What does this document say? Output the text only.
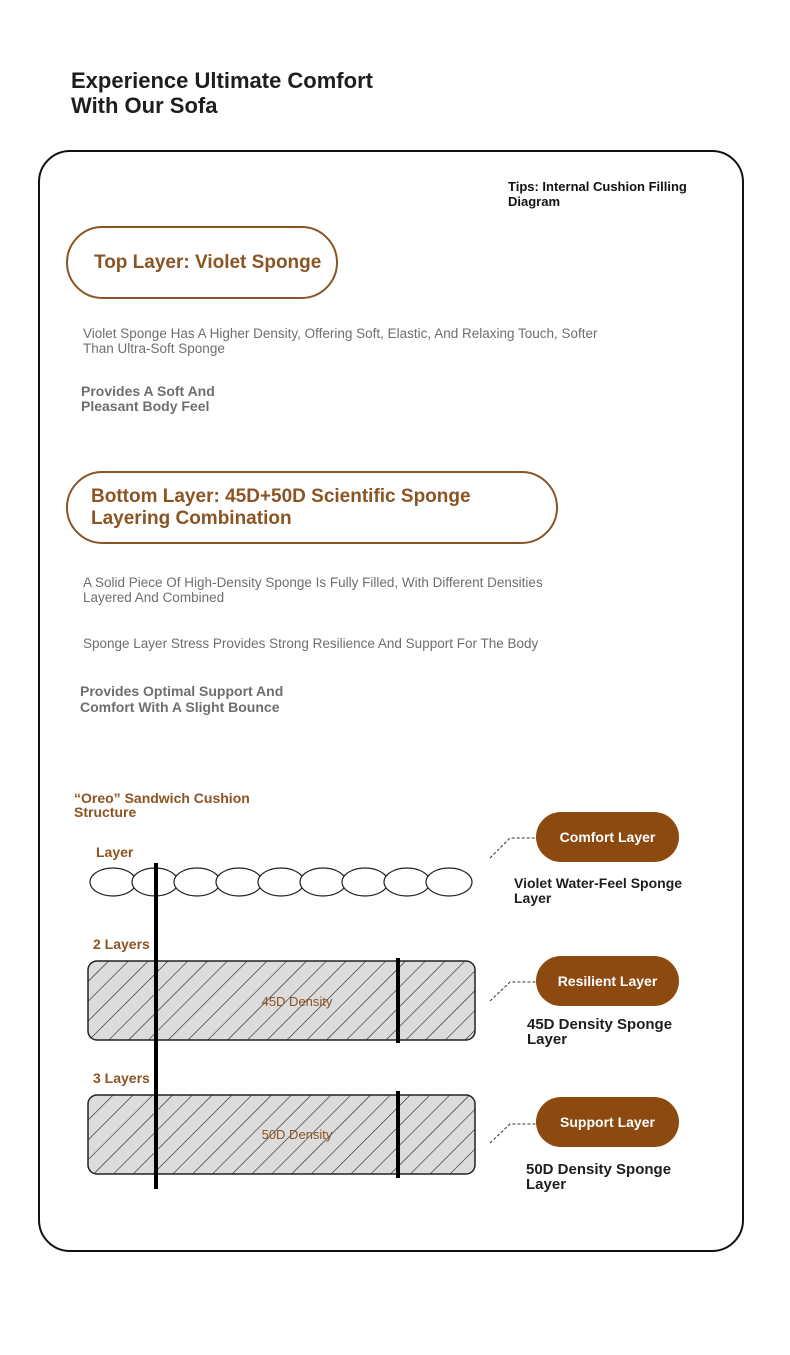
Experience Ultimate Comfort
With Our Sofa
Tips: Internal Cushion Filling Diagram
Top Layer: Violet Sponge
Violet Sponge Has A Higher Density, Offering Soft, Elastic, And Relaxing Touch, Softer Than Ultra-Soft Sponge
Provides A Soft And
Pleasant Body Feel
Bottom Layer: 45D+50D Scientific Sponge
Layering Combination
A Solid Piece Of High-Density Sponge Is Fully Filled, With Different Densities Layered And Combined
Sponge Layer Stress Provides Strong Resilience And Support For The Body
Provides Optimal Support And
Comfort With A Slight Bounce
“Oreo” Sandwich Cushion
Structure
Layer
2 Layers
3 Layers
45D Density
50D Density
Comfort Layer
Resilient Layer
Support Layer
Violet Water-Feel Sponge
Layer
45D Density Sponge
Layer
50D Density Sponge
Layer
